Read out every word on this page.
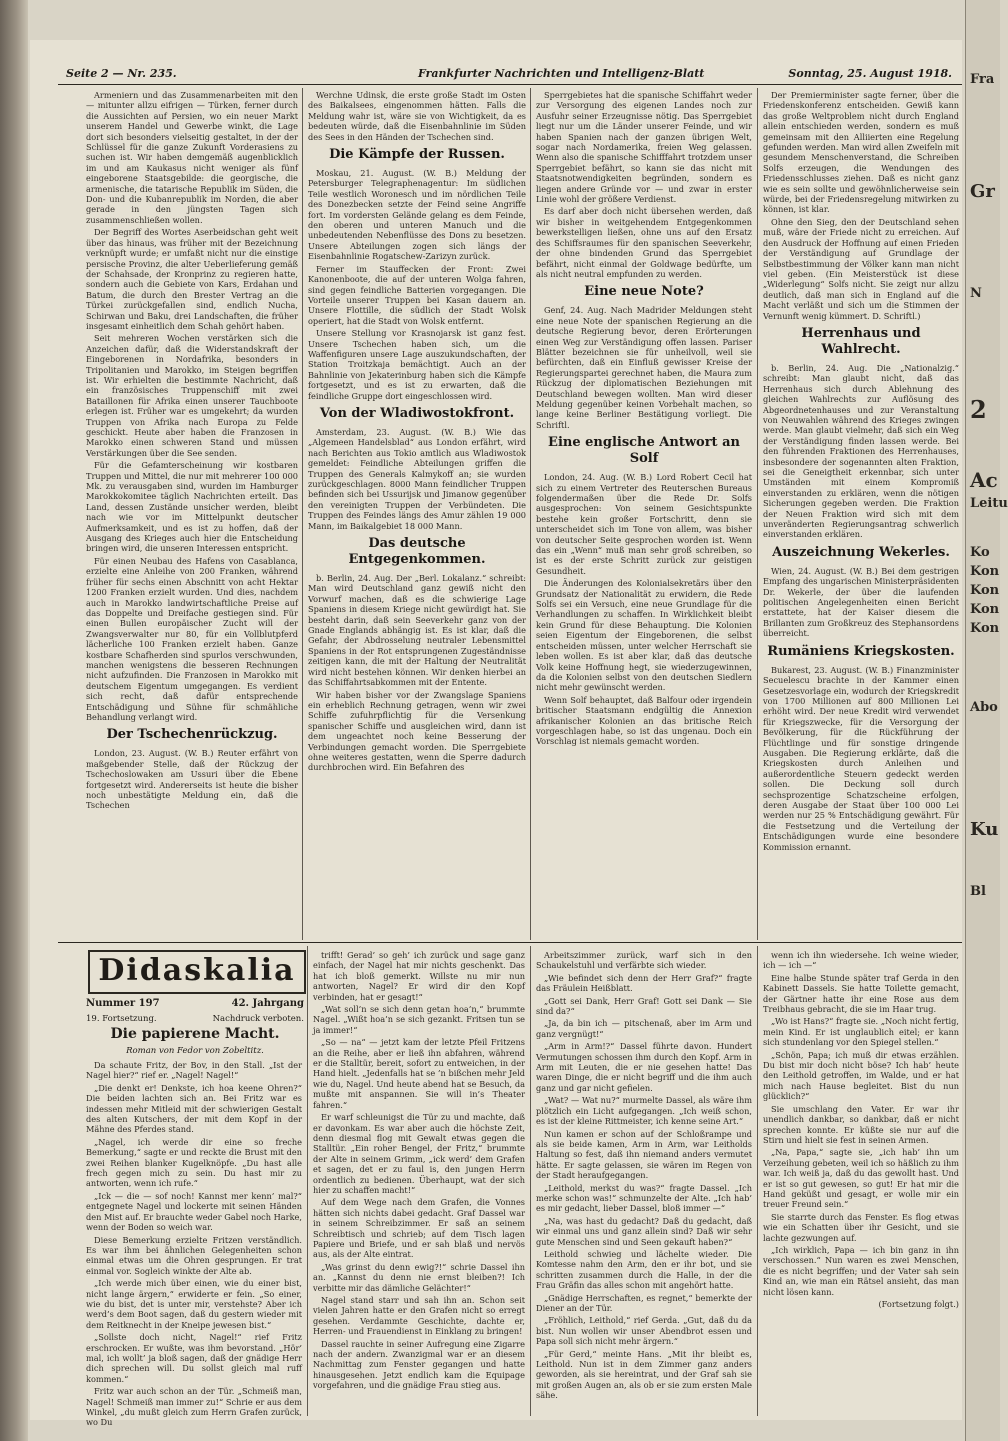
Fra
Gr
N
2
Ac
Leitu
Ko
Kon
Kon
Kon
Kon
Abo
Ku
Bl
Seite 2 — Nr. 235.	Frankfurter Nachrichten und Intelligenz-Blatt	Sonntag, 25. August 1918.

Armeniern und das Zusammenarbeiten mit den — mitunter allzu eifrigen — Türken, ferner durch die Aussichten auf Persien, wo ein neuer Markt unserem Handel und Gewerbe winkt, die Lage dort sich besonders vielseitig gestaltet, in der der Schlüssel für die ganze Zukunft Vorderasiens zu suchen ist. Wir haben demgemäß augenblicklich im und am Kaukasus nicht weniger als fünf eingeborene Staatsgebilde: die georgische, die armenische, die tatarische Republik im Süden, die Don- und die Kubanrepublik im Norden, die aber gerade in den jüngsten Tagen sich zusammenschließen wollen.

Der Begriff des Wortes Aserbeidschan geht weit über das hinaus, was früher mit der Bezeichnung verknüpft wurde; er umfaßt nicht nur die einstige persische Provinz, die alter Ueberlieferung gemäß der Schahsade, der Kronprinz zu regieren hatte, sondern auch die Gebiete von Kars, Erdahan und Batum, die durch den Brester Vertrag an die Türkei zurückgefallen sind, endlich Nucha, Schirwan und Baku, drei Landschaften, die früher insgesamt einheitlich dem Schah gehört haben.

Seit mehreren Wochen verstärken sich die Anzeichen dafür, daß die Widerstandskraft der Eingeborenen in Nordafrika, besonders in Tripolitanien und Marokko, im Steigen begriffen ist. Wir erhielten die bestimmte Nachricht, daß ein französisches Truppenschiff mit zwei Bataillonen für Afrika einen unserer Tauchboote erlegen ist. Früher war es umgekehrt; da wurden Truppen von Afrika nach Europa zu Felde geschickt. Heute aber haben die Franzosen in Marokko einen schweren Stand und müssen Verstärkungen über die See senden.

Für die Gefamterscheinung wir kostbaren Truppen und Mittel, die nur mit mehrerer 100 000 Mk. zu verausgaben sind, wurden im Hamburger Marokkokomitee täglich Nachrichten erteilt. Das Land, dessen Zustände unsicher werden, bleibt nach wie vor im Mittelpunkt deutscher Aufmerksamkeit, und es ist zu hoffen, daß der Ausgang des Krieges auch hier die Entscheidung bringen wird, die unseren Interessen entspricht.

Für einen Neubau des Hafens von Casablanca, erzielte eine Anleihe von 200 Franken, während früher für sechs einen Abschnitt von acht Hektar 1200 Franken erzielt wurden. Und dies, nachdem auch in Marokko landwirtschaftliche Preise auf das Doppelte und Dreifache gestiegen sind. Für einen Bullen europäischer Zucht will der Zwangsverwalter nur 80, für ein Vollblutpferd lächerliche 100 Franken erzielt haben. Ganze kostbare Schafherden sind spurlos verschwunden, manchen wenigstens die besseren Rechnungen nicht aufzufinden. Die Franzosen in Marokko mit deutschem Eigentum umgegangen. Es verdient sich recht, daß dafür entsprechende Entschädigung und Sühne für schmähliche Behandlung verlangt wird.

Der Tschechenrückzug.

London, 23. August. (W. B.) Reuter erfährt von maßgebender Stelle, daß der Rückzug der Tschechoslowaken am Ussuri über die Ebene fortgesetzt wird. Andererseits ist heute die bisher noch unbestätigte Meldung ein, daß die Tschechen

Werchne Udinsk, die erste große Stadt im Osten des Baikalsees, eingenommen hätten. Falls die Meldung wahr ist, wäre sie von Wichtigkeit, da es bedeuten würde, daß die Eisenbahnlinie im Süden des Sees in den Händen der Tschechen sind.

Die Kämpfe der Russen.

Moskau, 21. August. (W. B.) Meldung der Petersburger Telegraphenagentur: Im südlichen Teile westlich Woronesch und im nördlichen Teile des Donezbecken setzte der Feind seine Angriffe fort. Im vordersten Gelände gelang es dem Feinde, den oberen und unteren Manuch und die unbedeutenden Nebenflüsse des Dons zu besetzen. Unsere Abteilungen zogen sich längs der Eisenbahnlinie Rogatschew-Zarizyn zurück.

Ferner im Stauffecken der Front: Zwei Kanonenboote, die auf der unteren Wolga fahren, sind gegen feindliche Batterien vorgegangen. Die Vorteile unserer Truppen bei Kasan dauern an. Unsere Flottille, die südlich der Stadt Wolsk operiert, hat die Stadt von Wolsk entfernt.

Unsere Stellung vor Krasnojarsk ist ganz fest. Unsere Tschechen haben sich, um die Waffenfiguren unsere Lage auszukundschaften, der Station Troitzkaja bemächtigt. Auch an der Bahnlinie von Jekaterinburg haben sich die Kämpfe fortgesetzt, und es ist zu erwarten, daß die feindliche Gruppe dort eingeschlossen wird.

Von der Wladiwostokfront.

Amsterdam, 23. August. (W. B.) Wie das „Algemeen Handelsblad“ aus London erfährt, wird nach Berichten aus Tokio amtlich aus Wladiwostok gemeldet: Feindliche Abteilungen griffen die Truppen des Generals Kalmykoff an; sie wurden zurückgeschlagen. 8000 Mann feindlicher Truppen befinden sich bei Ussurijsk und Jimanow gegenüber den vereinigten Truppen der Verbündeten. Die Truppen des Feindes längs des Amur zählen 19 000 Mann, im Baikalgebiet 18 000 Mann.

Das deutsche Entgegenkommen.

b. Berlin, 24. Aug. Der „Berl. Lokalanz.“ schreibt: Man wird Deutschland ganz gewiß nicht den Vorwurf machen, daß es die schwierige Lage Spaniens in diesem Kriege nicht gewürdigt hat. Sie besteht darin, daß sein Seeverkehr ganz von der Gnade Englands abhängig ist. Es ist klar, daß die Gefahr, der Abdrosselung neutraler Lebensmittel Spaniens in der Rot entsprungenen Zugeständnisse zeitigen kann, die mit der Haltung der Neutralität wird nicht bestehen können. Wir denken hierbei an das Schiffahrtsabkommen mit der Entente.

Wir haben bisher vor der Zwangslage Spaniens ein erheblich Rechnung getragen, wenn wir zwei Schiffe zufuhrpflichtig für die Versenkung spanischer Schiffe und ausgleichen wird, dann ist dem ungeachtet noch keine Besserung der Verbindungen gemacht worden. Die Sperrgebiete ohne weiteres gestatten, wenn die Sperre dadurch durchbrochen wird. Ein Befahren des

Sperrgebietes hat die spanische Schiffahrt weder zur Versorgung des eigenen Landes noch zur Ausfuhr seiner Erzeugnisse nötig. Das Sperrgebiet liegt nur um die Länder unserer Feinde, und wir haben Spanien nach der ganzen übrigen Welt, sogar nach Nordamerika, freien Weg gelassen. Wenn also die spanische Schifffahrt trotzdem unser Sperrgebiet befährt, so kann sie das nicht mit Staatsnotwendigkeiten begründen, sondern es liegen andere Gründe vor — und zwar in erster Linie wohl der größere Verdienst.

Es darf aber doch nicht übersehen werden, daß wir bisher in weitgehendem Entgegenkommen bewerkstelligen ließen, ohne uns auf den Ersatz des Schiffsraumes für den spanischen Seeverkehr, der ohne bindenden Grund das Sperrgebiet befährt, nicht einmal der Goldwage bedürfte, um als nicht neutral empfunden zu werden.

Eine neue Note?

Genf, 24. Aug. Nach Madrider Meldungen steht eine neue Note der spanischen Regierung an die deutsche Regierung bevor, deren Erörterungen einen Weg zur Verständigung offen lassen. Pariser Blätter bezeichnen sie für unheilvoll, weil sie befürchten, daß ein Einfluß gewisser Kreise der Regierungspartei gerechnet haben, die Maura zum Rückzug der diplomatischen Beziehungen mit Deutschland bewegen wollten. Man wird dieser Meldung gegenüber keinen Vorbehalt machen, so lange keine Berliner Bestätigung vorliegt. Die Schriftl.

Eine englische Antwort an Solf

London, 24. Aug. (W. B.) Lord Robert Cecil hat sich zu einem Vertreter des Reuterschen Bureaus folgendermaßen über die Rede Dr. Solfs ausgesprochen: Von seinem Gesichtspunkte bestehe kein großer Fortschritt, denn sie unterscheidet sich im Tone von allem, was bisher von deutscher Seite gesprochen worden ist. Wenn das ein „Wenn“ muß man sehr groß schreiben, so ist es der erste Schritt zurück zur geistigen Gesundheit.

Die Änderungen des Kolonialsekretärs über den Grundsatz der Nationalität zu erwidern, die Rede Solfs sei ein Versuch, eine neue Grundlage für die Verhandlungen zu schaffen. In Wirklichkeit bleibt kein Grund für diese Behauptung. Die Kolonien seien Eigentum der Eingeborenen, die selbst entscheiden müssen, unter welcher Herrschaft sie leben wollen. Es ist aber klar, daß das deutsche Volk keine Hoffnung hegt, sie wiederzugewinnen, da die Kolonien selbst von den deutschen Siedlern nicht mehr gewünscht werden.

Wenn Solf behauptet, daß Balfour oder irgendein britischer Staatsmann endgültig die Annexion afrikanischer Kolonien an das britische Reich vorgeschlagen habe, so ist das ungenau. Doch ein Vorschlag ist niemals gemacht worden.

Der Premierminister sagte ferner, über die Friedenskonferenz entscheiden. Gewiß kann das große Weltproblem nicht durch England allein entschieden werden, sondern es muß gemeinsam mit den Alliierten eine Regelung gefunden werden. Man wird allen Zweifeln mit gesundem Menschenverstand, die Schreiben Solfs erzeugen, die Wendungen des Friedensschlusses ziehen. Daß es nicht ganz wie es sein sollte und gewöhnlicherweise sein würde, bei der Friedensregelung mitwirken zu können, ist klar.

Ohne den Sieg, den der Deutschland sehen muß, wäre der Friede nicht zu erreichen. Auf den Ausdruck der Hoffnung auf einen Frieden der Verständigung auf Grundlage der Selbstbestimmung der Völker kann man nicht viel geben. (Ein Meisterstück ist diese „Widerlegung“ Solfs nicht. Sie zeigt nur allzu deutlich, daß man sich in England auf die Macht verläßt und sich um die Stimmen der Vernunft wenig kümmert. D. Schriftl.)

Herrenhaus und Wahlrecht.

b. Berlin, 24. Aug. Die „Nationalzig.“ schreibt: Man glaubt nicht, daß das Herrenhaus sich durch Ablehnung des gleichen Wahlrechts zur Auflösung des Abgeordnetenhauses und zur Veranstaltung von Neuwahlen während des Krieges zwingen werde. Man glaubt vielmehr, daß sich ein Weg der Verständigung finden lassen werde. Bei den führenden Fraktionen des Herrenhauses, insbesondere der sogenannten alten Fraktion, sei die Geneigtheit erkennbar, sich unter Umständen mit einem Kompromiß einverstanden zu erklären, wenn die nötigen Sicherungen gegeben werden. Die Fraktion der Neuen Fraktion wird sich mit dem unveränderten Regierungsantrag schwerlich einverstanden erklären.

Auszeichnung Wekerles.

Wien, 24. August. (W. B.) Bei dem gestrigen Empfang des ungarischen Ministerpräsidenten Dr. Wekerle, der über die laufenden politischen Angelegenheiten einen Bericht erstattete, hat der Kaiser diesem die Brillanten zum Großkreuz des Stephansordens überreicht.

Rumäniens Kriegskosten.

Bukarest, 23. August. (W. B.) Finanzminister Secuelescu brachte in der Kammer einen Gesetzesvorlage ein, wodurch der Kriegskredit von 1700 Millionen auf 800 Millionen Lei erhöht wird. Der neue Kredit wird verwendet für Kriegszwecke, für die Versorgung der Bevölkerung, für die Rückführung der Flüchtlinge und für sonstige dringende Ausgaben. Die Regierung erklärte, daß die Kriegskosten durch Anleihen und außerordentliche Steuern gedeckt werden sollen. Die Deckung soll durch sechsprozentige Schatzscheine erfolgen, deren Ausgabe der Staat über 100 000 Lei werden nur 25 % Entschädigung gewährt. Für die Festsetzung und die Verteilung der Entschädigungen wurde eine besondere Kommission ernannt.

Didaskalia
Nummer 197	42. Jahrgang
19. Fortsetzung.	Nachdruck verboten.
Die papierene Macht.
Roman von Fedor von Zobeltitz.

Da schaute Fritz, der Bov, in den Stall. „Ist der Nagel hier?“ rief er. „Nagel! Nagel!“

„Die denkt er! Denkste, ich hoa keene Ohren?“ Die beiden lachten sich an. Bei Fritz war es indessen mehr Mitleid mit der schwierigen Gestalt des alten Kutschers, der mit dem Kopf in der Mähne des Pferdes stand.

„Nagel, ich werde dir eine so freche Bemerkung,“ sagte er und reckte die Brust mit den zwei Reihen blanker Kugelknöpfe. „Du hast alle frech gegen mich zu sein. Du hast mir zu antworten, wenn ich rufe.“

„Ick — die — sof noch! Kannst mer kenn’ mal?“ entgegnete Nagel und lockerte mit seinen Händen den Mist auf. Er brauchte weder Gabel noch Harke, wenn der Boden so weich war.

Diese Bemerkung erzielte Fritzen verständlich. Es war ihm bei ähnlichen Gelegenheiten schon einmal etwas um die Ohren gesprungen. Er trat einmal vor. Sogleich winkte der Alte ab.

„Ich werde mich über einen, wie du einer bist, nicht lange ärgern,“ erwiderte er fein. „So einer, wie du bist, det is unter mir, verstehste? Aber ich werd’s dem Boot sagen, daß du gestern wieder mit dem Reitknecht in der Kneipe jewesen bist.“

„Sollste doch nicht, Nagel!“ rief Fritz erschrocken. Er wußte, was ihm bevorstand. „Hör’ mal, ich wollt’ ja bloß sagen, daß der gnädige Herr dich sprechen will. Du sollst gleich mal ruff kommen.“

Fritz war auch schon an der Tür. „Schmeiß man, Nagel! Schmeiß man immer zu!“ Schrie er aus dem Winkel, „du mußt gleich zum Herrn Grafen zurück, wo Du

trifft! Gerad’ so geh’ ich zurück und sage ganz einfach, der Nagel hat mir nichts geschenkt. Das hat ich bloß gemerkt. Willste nu mir nun antworten, Nagel? Er wird dir den Kopf verbinden, hat er gesagt!“

„Wat soll’n se sich denn getan hoa’n,“ brummte Nagel. „Wißt hoa’n se sich gezankt. Fritsen tun se ja immer!“

„So — na“ — jetzt kam der letzte Pfeil Fritzens an die Reihe, aber er ließ ihn abfahren, während er die Stalltür, bereit, sofort zu entweichen, in der Hand hielt. „Jedenfalls hat se ’n bißchen mehr Jeld wie du, Nagel. Und heute abend hat se Besuch, da mußte mit anspannen. Sie will in’s Theater fahren.“

Er warf schleunigst die Tür zu und machte, daß er davonkam. Es war aber auch die höchste Zeit, denn diesmal flog mit Gewalt etwas gegen die Stalltür. „Ein roher Bengel, der Fritz,“ brummte der Alte in seinem Grimm, „ick werd’ dem Grafen et sagen, det er zu faul is, den jungen Herrn ordentlich zu bedienen. Überhaupt, wat der sich hier zu schaffen macht!“

Auf dem Wege nach dem Grafen, die Vonnes hätten sich nichts dabei gedacht. Graf Dassel war in seinem Schreibzimmer. Er saß an seinem Schreibtisch und schrieb; auf dem Tisch lagen Papiere und Briefe, und er sah blaß und nervös aus, als der Alte eintrat.

„Was grinst du denn ewig?!“ schrie Dassel ihn an. „Kannst du denn nie ernst bleiben?! Ich verbitte mir das dämliche Gelächter!“

Nagel stand starr und sah ihn an. Schon seit vielen Jahren hatte er den Grafen nicht so erregt gesehen. Verdammte Geschichte, dachte er, Herren- und Frauendienst in Einklang zu bringen!

Dassel rauchte in seiner Aufregung eine Zigarre nach der andern. Zwanzigmal war er an diesem Nachmittag zum Fenster gegangen und hatte hinausgesehen. Jetzt endlich kam die Equipage vorgefahren, und die gnädige Frau stieg aus.

Arbeitszimmer zurück, warf sich in den Schaukelstuhl und verfärbte sich wieder.

„Wie befindet sich denn der Herr Graf?“ fragte das Fräulein Heißblatt.

„Gott sei Dank, Herr Graf! Gott sei Dank — Sie sind da?“

„Ja, da bin ich — pitschenaß, aber im Arm und ganz vergnügt!“

„Arm in Arm!?“ Dassel führte davon. Hundert Vermutungen schossen ihm durch den Kopf. Arm in Arm mit Leuten, die er nie gesehen hatte! Das waren Dinge, die er nicht begriff und die ihm auch ganz und gar nicht gefielen.

„Wat? — Wat nu?“ murmelte Dassel, als wäre ihm plötzlich ein Licht aufgegangen. „Ich weiß schon, es ist der kleine Rittmeister, ich kenne seine Art.“

Nun kamen er schon auf der Schloßrampe und als sie beide kamen, Arm in Arm, war Leitholds Haltung so fest, daß ihn niemand anders vermutet hätte. Er sagte gelassen, sie wären im Regen von der Stadt heraufgegangen.

„Leithold, merkst du was?“ fragte Dassel. „Ich merke schon was!“ schmunzelte der Alte. „Ich hab’ es mir gedacht, lieber Dassel, bloß immer —“

„Na, was hast du gedacht? Daß du gedacht, daß wir einmal uns und ganz allein sind? Daß wir sehr gute Menschen sind und Seen gekauft haben?“

Leithold schwieg und lächelte wieder. Die Komtesse nahm den Arm, den er ihr bot, und sie schritten zusammen durch die Halle, in der die Frau Gräfin das alles schon mit angehört hatte.

„Gnädige Herrschaften, es regnet,“ bemerkte der Diener an der Tür.

„Fröhlich, Leithold,“ rief Gerda. „Gut, daß du da bist. Nun wollen wir unser Abendbrot essen und Papa soll sich nicht mehr ärgern.“

„Für Gerd,“ meinte Hans. „Mit ihr bleibt es, Leithold. Nun ist in dem Zimmer ganz anders geworden, als sie hereintrat, und der Graf sah sie mit großen Augen an, als ob er sie zum ersten Male sähe.

wenn ich ihn wiedersehe. Ich weine wieder, ich — ich —“

Eine halbe Stunde später traf Gerda in den Kabinett Dassels. Sie hatte Toilette gemacht, der Gärtner hatte ihr eine Rose aus dem Treibhaus gebracht, die sie im Haar trug.

„Wo ist Hans?“ fragte sie. „Noch nicht fertig, mein Kind. Er ist unglaublich eitel; er kann sich stundenlang vor den Spiegel stellen.“

„Schön, Papa; ich muß dir etwas erzählen. Du bist mir doch nicht böse? Ich hab’ heute den Leithold getroffen, im Walde, und er hat mich nach Hause begleitet. Bist du nun glücklich?“

Sie umschlang den Vater. Er war ihr unendlich dankbar, so dankbar, daß er nicht sprechen konnte. Er küßte sie nur auf die Stirn und hielt sie fest in seinen Armen.

„Na, Papa,“ sagte sie, „ich hab’ ihn um Verzeihung gebeten, weil ich so häßlich zu ihm war. Ich weiß ja, daß du das gewollt hast. Und er ist so gut gewesen, so gut! Er hat mir die Hand geküßt und gesagt, er wolle mir ein treuer Freund sein.“

Sie starrte durch das Fenster. Es flog etwas wie ein Schatten über ihr Gesicht, und sie lachte gezwungen auf.

„Ich wirklich, Papa — ich bin ganz in ihn verschossen.“ Nun waren es zwei Menschen, die es nicht begriffen; und der Vater sah sein Kind an, wie man ein Rätsel ansieht, das man nicht lösen kann.

(Fortsetzung folgt.)
